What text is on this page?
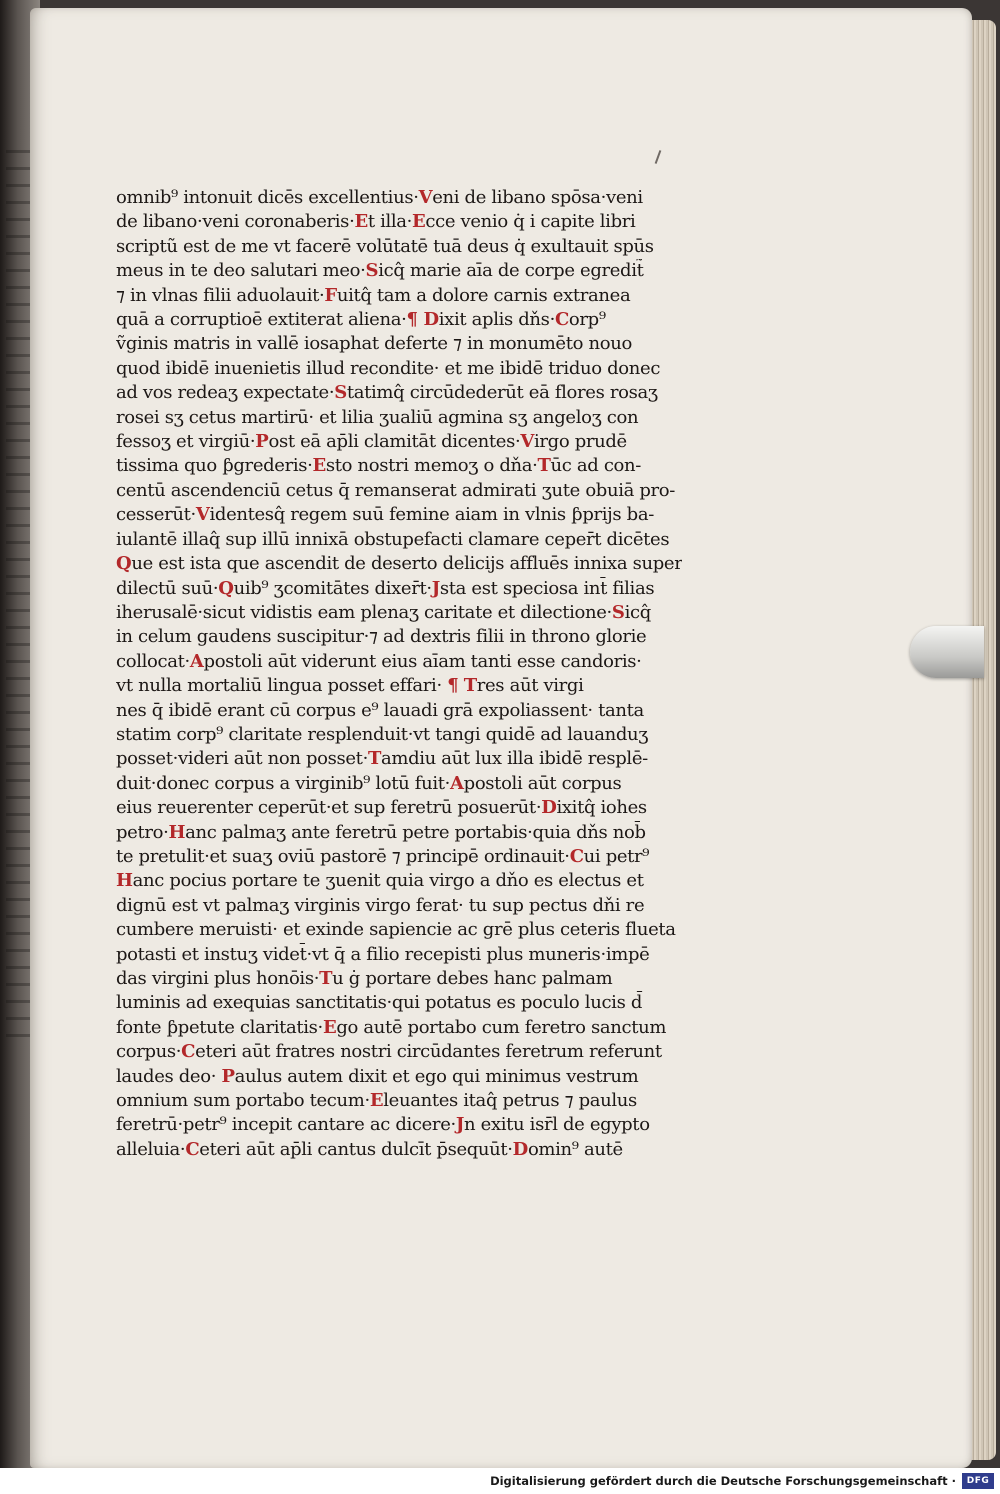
omnib⁹ intonuit dicēs excellentius·Veni de libano spōsa·veni
de libano·veni coronaberis·Et illa·Ecce venio q̇ i capite libri
scriptũ est de me vt facerē volūtatē tuā deus q̇ exultauit spūs
meus in te deo salutari meo·Sicq̂ marie aīa de corpe egredit̃
⁊ in vlnas filii aduolauit·Fuitq̂ tam a dolore carnis extranea
quā a corruptioē extiterat aliena·¶ Dixit aplis dňs·Corp⁹
ṽginis matris in vallē iosaphat deferte ⁊ in monumēto nouo
quod ibidē inuenietis illud recondite· et me ibidē triduo donec
ad vos redeaʒ expectate·Statimq̂ circūdederūt eā flores rosaʒ
rosei sʒ cetus martirū· et lilia ʒualiū agmina sʒ angeloʒ con
fessoʒ et virgiū·Post eā ap̄li clamitāt dicentes·Virgo prudē
tissima quo ƥgrederis·Esto nostri memoʒ o dňa·Tūc ad con-
centū ascendenciū cetus q̄ remanserat admirati ʒute obuiā pro-
cesserūt·Videntesq̂ regem suū femine aiam in vlnis ƥprijs ba-
iulantē illaq̂ sup illū innixā obstupefacti clamare ceper̄t dicētes
Que est ista que ascendit de deserto delicijs affluēs innixa super
dilectū suū·Quib⁹ ʒcomitātes dixer̄t·Jsta est speciosa int̄ filias
iherusalē·sicut vidistis eam plenaʒ caritate et dilectione·Sicq̂
in celum gaudens suscipitur·⁊ ad dextris filii in throno glorie
collocat·Apostoli aūt viderunt eius aīam tanti esse candoris·
vt nulla mortaliū lingua posset effari· ¶ Tres aūt virgi
nes q̄ ibidē erant cū corpus e⁹ lauadi grā expoliassent· tanta
statim corp⁹ claritate resplenduit·vt tangi quidē ad lauanduʒ
posset·videri aūt non posset·Tamdiu aūt lux illa ibidē resplē-
duit·donec corpus a virginib⁹ lotū fuit·Apostoli aūt corpus
eius reuerenter ceperūt·et sup feretrū posuerūt·Dixitq̂ iohes
petro·Hanc palmaʒ ante feretrū petre portabis·quia dňs nob̄
te pretulit·et suaʒ oviū pastorē ⁊ principē ordinauit·Cui petr⁹
Hanc pocius portare te ʒuenit quia virgo a dňo es electus et
dignū est vt palmaʒ virginis virgo ferat· tu sup pectus dňi re
cumbere meruisti· et exinde sapiencie ac grē plus ceteris flueta
potasti et instuʒ videt̄·vt q̄ a filio recepisti plus muneris·impē
das virgini plus honōis·Tu ġ portare debes hanc palmam
luminis ad exequias sanctitatis·qui potatus es poculo lucis d̄
fonte ƥpetute claritatis·Ego autē portabo cum feretro sanctum
corpus·Ceteri aūt fratres nostri circūdantes feretrum referunt
laudes deo· Paulus autem dixit et ego qui minimus vestrum
omnium sum portabo tecum·Eleuantes itaq̂ petrus ⁊ paulus
feretrū·petr⁹ incepit cantare ac dicere·Jn exitu isr̄l de egypto
alleluia·Ceteri aūt ap̄li cantus dulcīt p̄sequūt·Domin⁹ autē
Digitalisierung gefördert durch die Deutsche Forschungsgemeinschaft ·	DFG
